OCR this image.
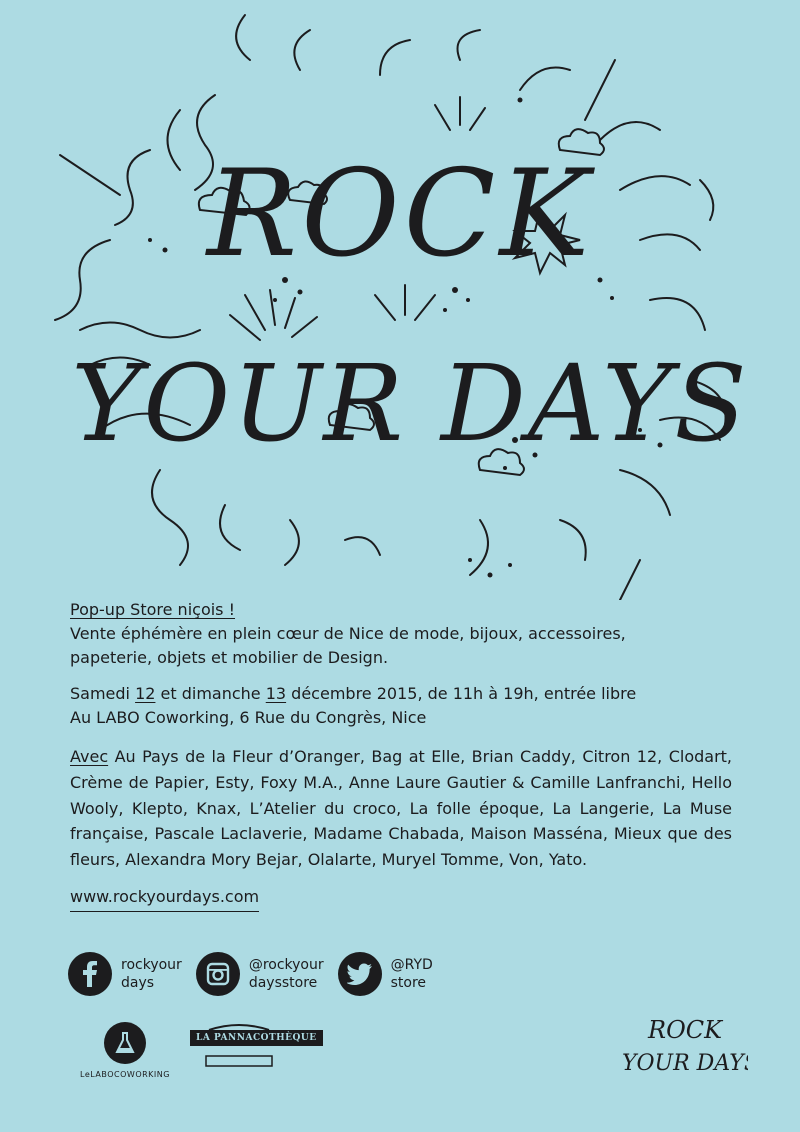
ROCK
YOUR DAYS
Pop-up Store niçois !
Vente éphémère en plein cœur de Nice de mode, bijoux, accessoires,
papeterie, objets et mobilier de Design.
Samedi 12 et dimanche 13 décembre 2015, de 11h à 19h, entrée libre
Au LABO Coworking, 6 Rue du Congrès, Nice
Avec Au Pays de la Fleur d’Oranger, Bag at Elle, Brian Caddy, Citron 12, Clodart, Crème de Papier, Esty, Foxy M.A., Anne Laure Gautier & Camille Lanfranchi, Hello Wooly, Klepto, Knax, L’Atelier du croco, La folle époque, La Langerie, La Muse française, Pascale Laclaverie, Madame Chabada, Maison Masséna, Mieux que des fleurs, Alexandra Mory Bejar, Olalarte, Muryel Tomme, Von, Yato.
www.rockyourdays.com
rockyour
days
@rockyour
daysstore
@RYD
store
LeLABOCOWORKING
LA PANNACOTHÈQUE	ROCK
YOUR DAYS
